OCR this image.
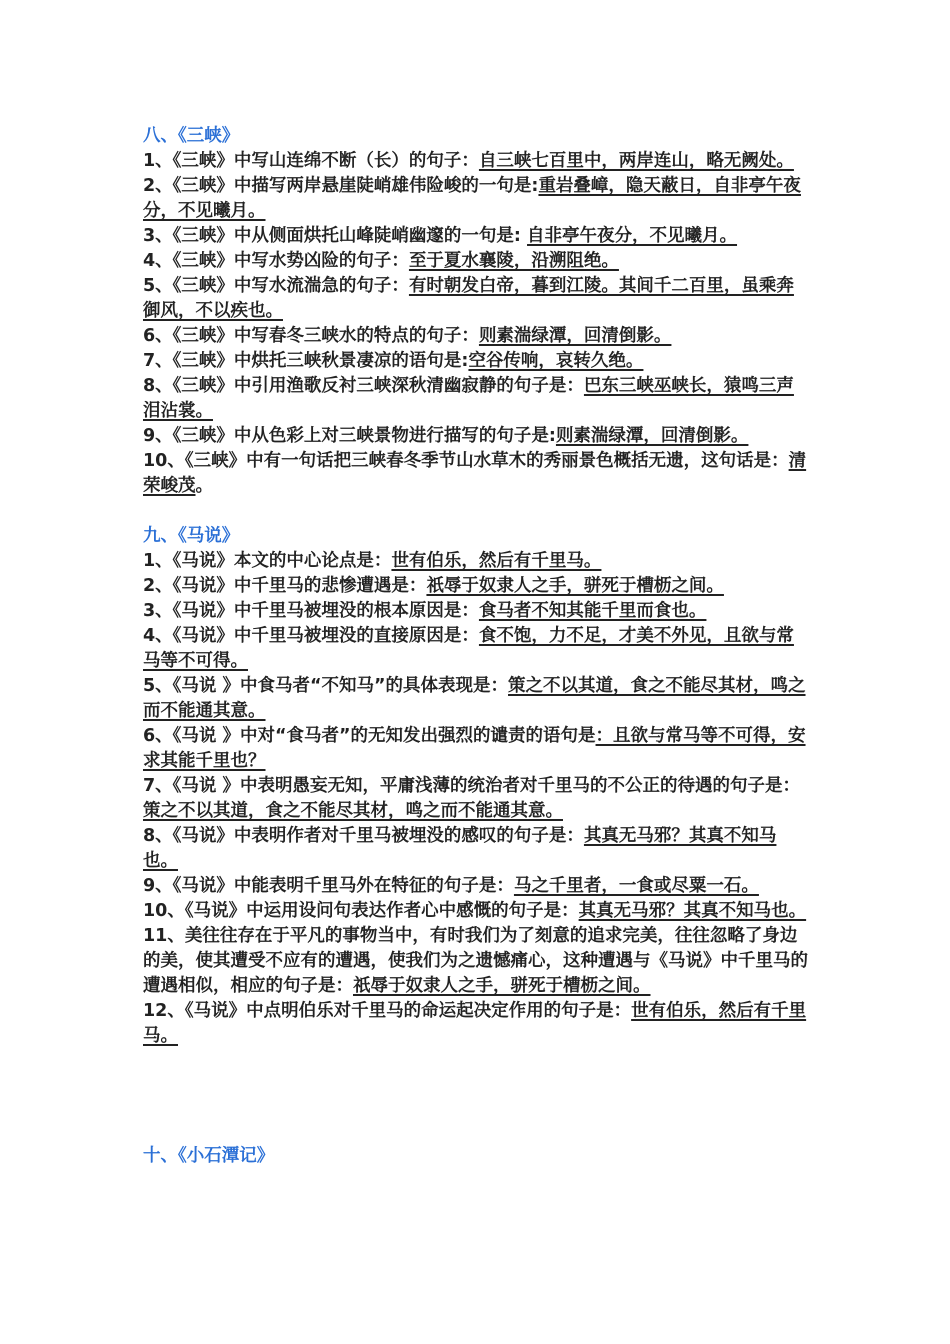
八、《三峡》

1、《三峡》中写山连绵不断（长）的句子：自三峡七百里中，两岸连山，略无阙处。

2、《三峡》中描写两岸悬崖陡峭雄伟险峻的一句是:重岩叠嶂，隐天蔽日，自非亭午夜分，不见曦月。

3、《三峡》中从侧面烘托山峰陡峭幽邃的一句是: 自非亭午夜分，不见曦月。

4、《三峡》中写水势凶险的句子：至于夏水襄陵，沿溯阻绝。

5、《三峡》中写水流湍急的句子：有时朝发白帝，暮到江陵。其间千二百里，虽乘奔御风，不以疾也。

6、《三峡》中写春冬三峡水的特点的句子：则素湍绿潭，回清倒影。

7、《三峡》中烘托三峡秋景凄凉的语句是:空谷传响，哀转久绝。

8、《三峡》中引用渔歌反衬三峡深秋清幽寂静的句子是：巴东三峡巫峡长，猿鸣三声泪沾裳。

9、《三峡》中从色彩上对三峡景物进行描写的句子是:则素湍绿潭，回清倒影。

10、《三峡》中有一句话把三峡春冬季节山水草木的秀丽景色概括无遗，这句话是：清荣峻茂。

九、《马说》

1、《马说》本文的中心论点是：世有伯乐，然后有千里马。

2、《马说》中千里马的悲惨遭遇是：祇辱于奴隶人之手，骈死于槽枥之间。

3、《马说》中千里马被埋没的根本原因是：食马者不知其能千里而食也。

4、《马说》中千里马被埋没的直接原因是：食不饱，力不足，才美不外见，且欲与常马等不可得。

5、《马说 》中食马者“不知马”的具体表现是：策之不以其道，食之不能尽其材，鸣之而不能通其意。

6、《马说 》中对“食马者”的无知发出强烈的谴责的语句是：且欲与常马等不可得，安求其能千里也？

7、《马说 》中表明愚妄无知，平庸浅薄的统治者对千里马的不公正的待遇的句子是：策之不以其道，食之不能尽其材，鸣之而不能通其意。

8、《马说》中表明作者对千里马被埋没的感叹的句子是：其真无马邪？其真不知马也。

9、《马说》中能表明千里马外在特征的句子是：马之千里者，一食或尽粟一石。

10、《马说》中运用设问句表达作者心中感慨的句子是：其真无马邪？其真不知马也。

11、美往往存在于平凡的事物当中，有时我们为了刻意的追求完美，往往忽略了身边的美，使其遭受不应有的遭遇，使我们为之遗憾痛心，这种遭遇与《马说》中千里马的遭遇相似，相应的句子是：祇辱于奴隶人之手，骈死于槽枥之间。

12、《马说》中点明伯乐对千里马的命运起决定作用的句子是：世有伯乐，然后有千里马。

十、《小石潭记》
